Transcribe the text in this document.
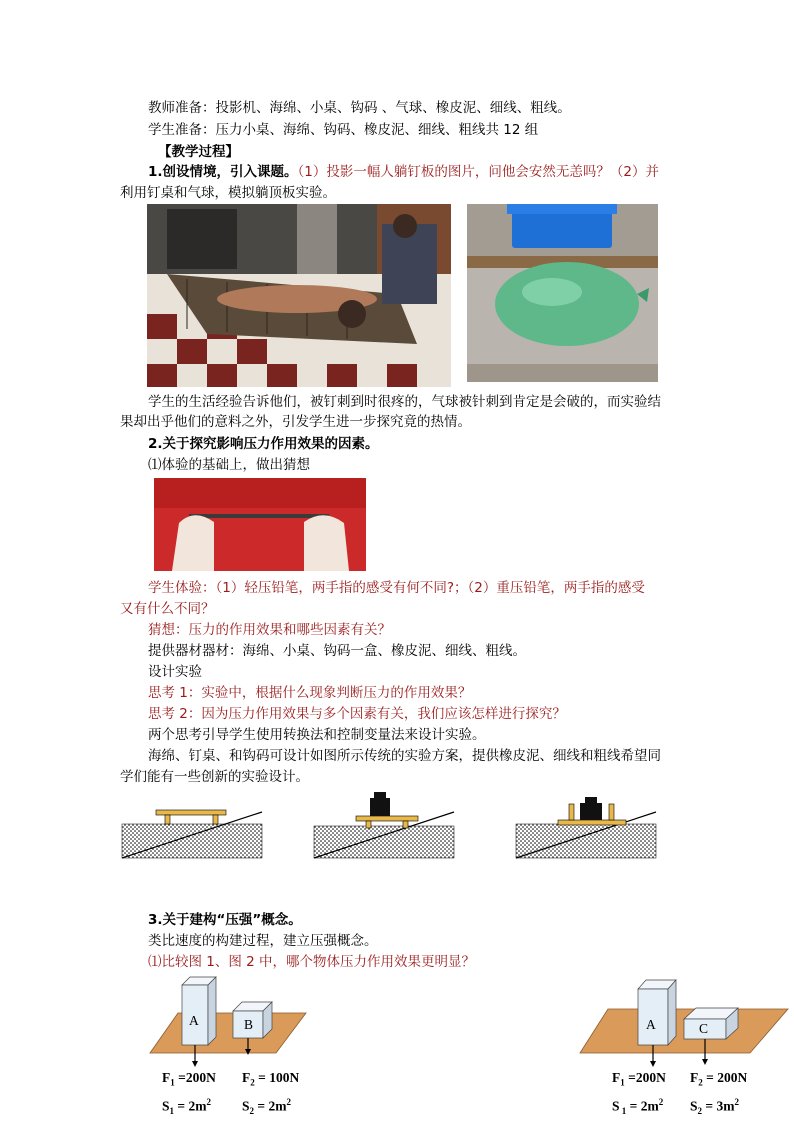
教师准备：投影机、海绵、小桌、钩码 、气球、橡皮泥、细线、粗线。
学生准备：压力小桌、海绵、钩码、橡皮泥、细线、粗线共 12 组
【教学过程】
1.创设情境，引入课题。（1）投影一幅人躺钉板的图片，问他会安然无恙吗？（2）并
利用钉桌和气球，模拟躺顶板实验。
学生的生活经验告诉他们，被钉刺到时很疼的，气球被针刺到肯定是会破的，而实验结
果却出乎他们的意料之外，引发学生进一步探究竟的热情。
2.关于探究影响压力作用效果的因素。
⑴体验的基础上，做出猜想
学生体验：（1）轻压铅笔，两手指的感受有何不同?；（2）重压铅笔，两手指的感受
又有什么不同？
猜想：压力的作用效果和哪些因素有关？
提供器材器材：海绵、小桌、钩码一盒、橡皮泥、细线、粗线。
设计实验
思考 1：实验中，根据什么现象判断压力的作用效果？
思考 2：因为压力作用效果与多个因素有关，我们应该怎样进行探究？
两个思考引导学生使用转换法和控制变量法来设计实验。
海绵、钉桌、和钩码可设计如图所示传统的实验方案，提供橡皮泥、细线和粗线希望同
学们能有一些创新的实验设计。
3.关于建构“压强”概念。
类比速度的构建过程，建立压强概念。
⑴比较图 1、图 2 中，哪个物体压力作用效果更明显？
A	B
$F_1 =200N$ $F_2 = 100N$
$S_1 = 2m^2$ $S_2 = 2m^2$
A	C
$F_1 =200N$ $F_2 = 200N$
S $_1 = 2m^2$ $S_2 = 3m^2$
